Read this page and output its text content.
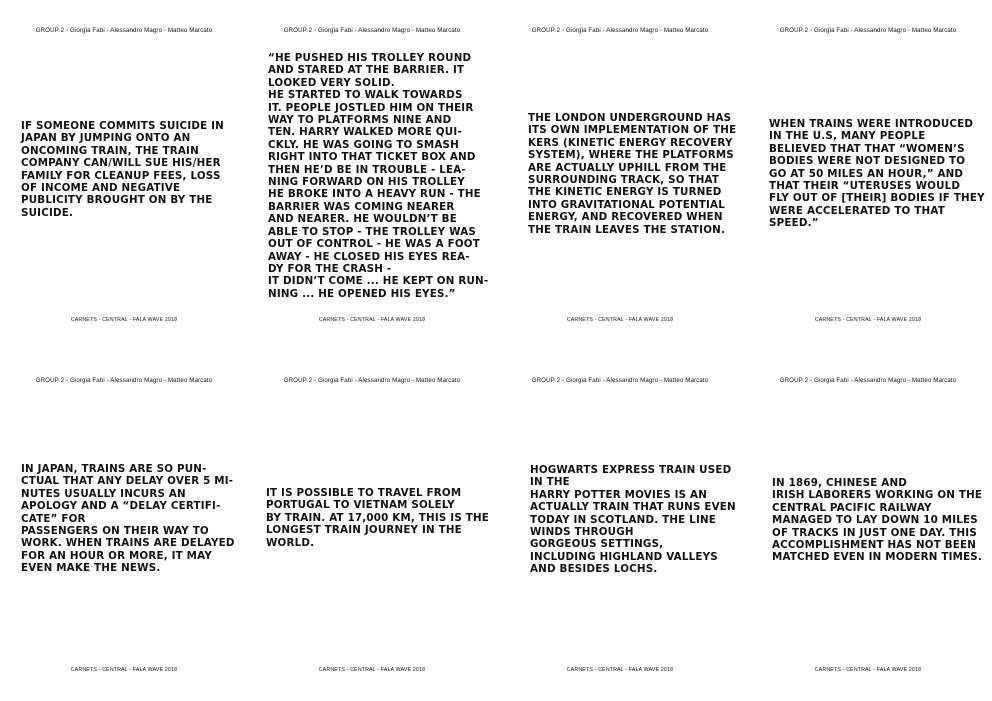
GROUP 2 - Giorgia Fabi - Alessandro Magro - Matteo Marcato
IF SOMEONE COMMITS SUICIDE IN
JAPAN BY JUMPING ONTO AN
ONCOMING TRAIN, THE TRAIN
COMPANY CAN/WILL SUE HIS/HER
FAMILY FOR CLEANUP FEES, LOSS
OF INCOME AND NEGATIVE
PUBLICITY BROUGHT ON BY THE
SUICIDE.
CARNETS - CENTRAL - FALA WAVE 2018
GROUP 2 - Giorgia Fabi - Alessandro Magro - Matteo Marcato
“HE PUSHED HIS TROLLEY ROUND
AND STARED AT THE BARRIER. IT
LOOKED VERY SOLID.
HE STARTED TO WALK TOWARDS
IT. PEOPLE JOSTLED HIM ON THEIR
WAY TO PLATFORMS NINE AND
TEN. HARRY WALKED MORE QUI-
CKLY. HE WAS GOING TO SMASH
RIGHT INTO THAT TICKET BOX AND
THEN HE’D BE IN TROUBLE - LEA-
NING FORWARD ON HIS TROLLEY
HE BROKE INTO A HEAVY RUN - THE
BARRIER WAS COMING NEARER
AND NEARER. HE WOULDN’T BE
ABLE TO STOP - THE TROLLEY WAS
OUT OF CONTROL - HE WAS A FOOT
AWAY - HE CLOSED HIS EYES REA-
DY FOR THE CRASH -
IT DIDN’T COME ... HE KEPT ON RUN-
NING ... HE OPENED HIS EYES.”
CARNETS - CENTRAL - FALA WAVE 2018
GROUP 2 - Giorgia Fabi - Alessandro Magro - Matteo Marcato
THE LONDON UNDERGROUND HAS
ITS OWN IMPLEMENTATION OF THE
KERS (KINETIC ENERGY RECOVERY
SYSTEM), WHERE THE PLATFORMS
ARE ACTUALLY UPHILL FROM THE
SURROUNDING TRACK, SO THAT
THE KINETIC ENERGY IS TURNED
INTO GRAVITATIONAL POTENTIAL
ENERGY, AND RECOVERED WHEN
THE TRAIN LEAVES THE STATION.
CARNETS - CENTRAL - FALA WAVE 2018
GROUP 2 - Giorgia Fabi - Alessandro Magro - Matteo Marcato
WHEN TRAINS WERE INTRODUCED
IN THE U.S, MANY PEOPLE
BELIEVED THAT THAT “WOMEN’S
BODIES WERE NOT DESIGNED TO
GO AT 50 MILES AN HOUR,” AND
THAT THEIR “UTERUSES WOULD
FLY OUT OF [THEIR] BODIES IF THEY
WERE ACCELERATED TO THAT
SPEED.”
CARNETS - CENTRAL - FALA WAVE 2018
GROUP 2 - Giorgia Fabi - Alessandro Magro - Matteo Marcato
IN JAPAN, TRAINS ARE SO PUN-
CTUAL THAT ANY DELAY OVER 5 MI-
NUTES USUALLY INCURS AN
APOLOGY AND A “DELAY CERTIFI-
CATE” FOR
PASSENGERS ON THEIR WAY TO
WORK. WHEN TRAINS ARE DELAYED
FOR AN HOUR OR MORE, IT MAY
EVEN MAKE THE NEWS.
CARNETS - CENTRAL - FALA WAVE 2018
GROUP 2 - Giorgia Fabi - Alessandro Magro - Matteo Marcato
IT IS POSSIBLE TO TRAVEL FROM
PORTUGAL TO VIETNAM SOLELY
BY TRAIN. AT 17,000 KM, THIS IS THE
LONGEST TRAIN JOURNEY IN THE
WORLD.
CARNETS - CENTRAL - FALA WAVE 2018
GROUP 2 - Giorgia Fabi - Alessandro Magro - Matteo Marcato
HOGWARTS EXPRESS TRAIN USED
IN THE
HARRY POTTER MOVIES IS AN
ACTUALLY TRAIN THAT RUNS EVEN
TODAY IN SCOTLAND. THE LINE
WINDS THROUGH
GORGEOUS SETTINGS,
INCLUDING HIGHLAND VALLEYS
AND BESIDES LOCHS.
CARNETS - CENTRAL - FALA WAVE 2018
GROUP 2 - Giorgia Fabi - Alessandro Magro - Matteo Marcato
IN 1869, CHINESE AND
IRISH LABORERS WORKING ON THE
CENTRAL PACIFIC RAILWAY
MANAGED TO LAY DOWN 10 MILES
OF TRACKS IN JUST ONE DAY. THIS
ACCOMPLISHMENT HAS NOT BEEN
MATCHED EVEN IN MODERN TIMES.
CARNETS - CENTRAL - FALA WAVE 2018
